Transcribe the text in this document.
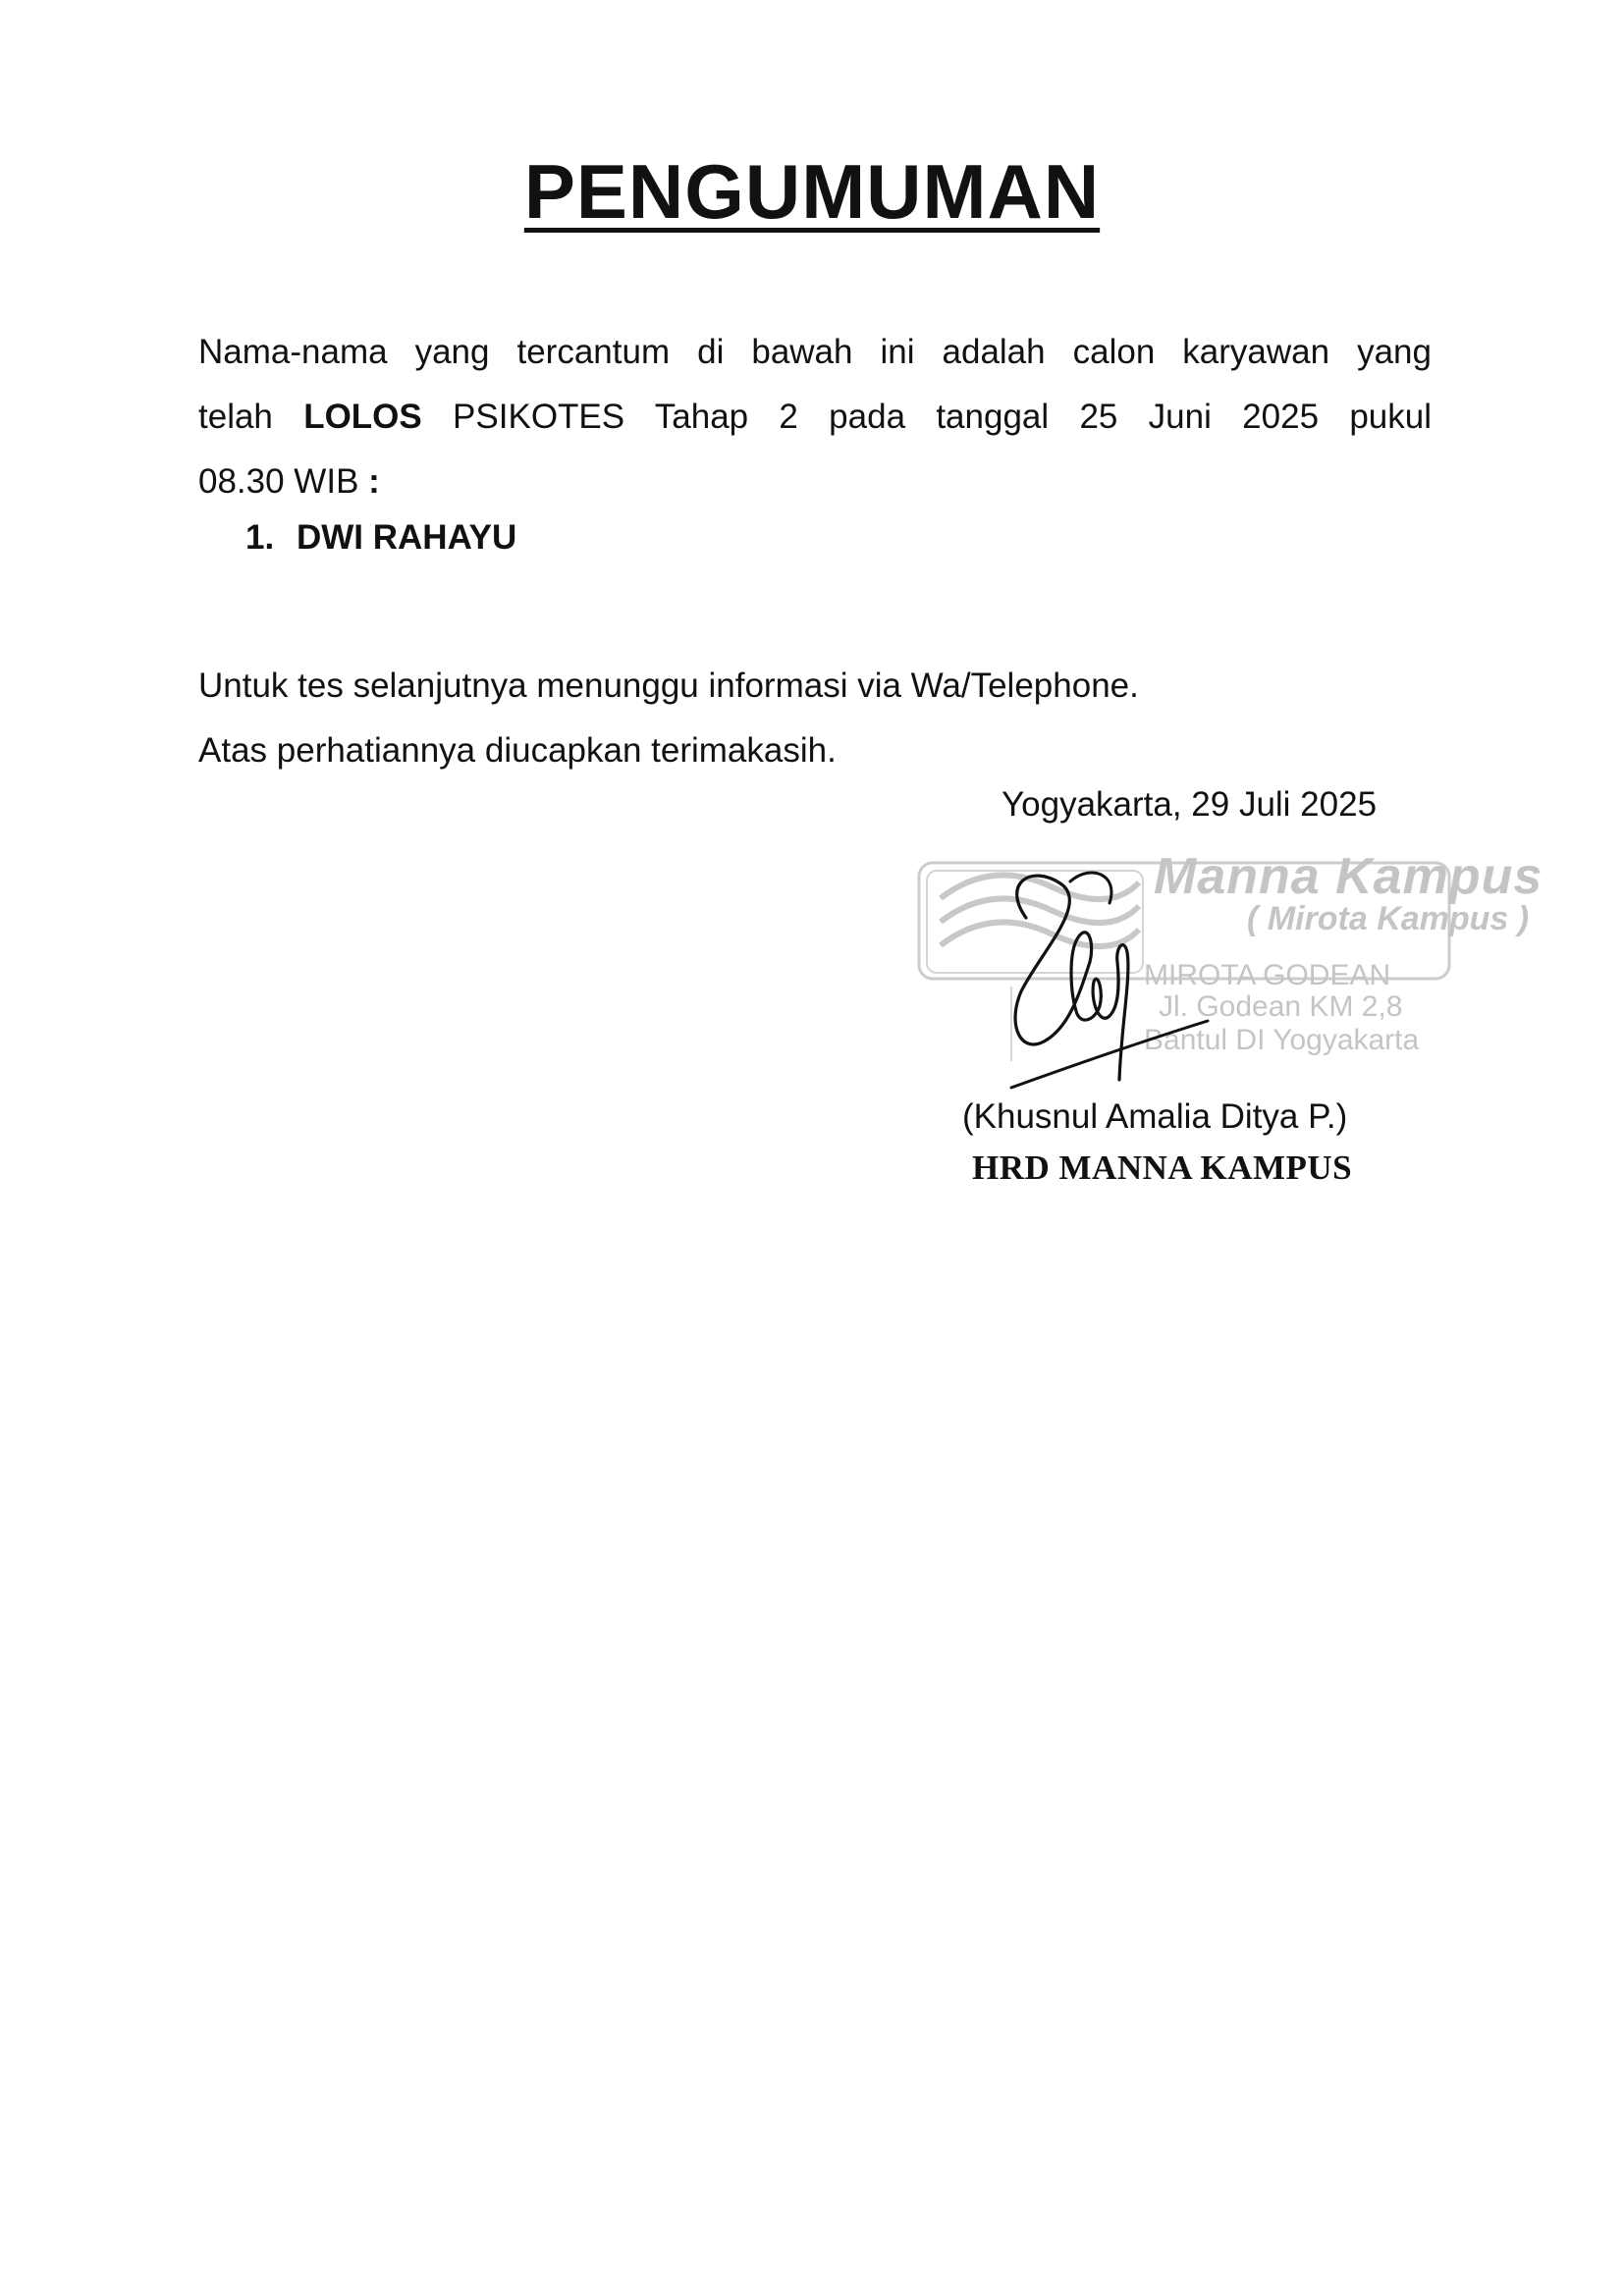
PENGUMUMAN

Nama-nama yang tercantum di bawah ini adalah calon karyawan yang
telah LOLOS PSIKOTES Tahap 2 pada tanggal 25 Juni 2025 pukul
08.30 WIB :

1. DWI RAHAYU

Untuk tes selanjutnya menunggu informasi via Wa/Telephone.
Atas perhatiannya diucapkan terimakasih.

Yogyakarta, 29 Juli 2025
Manna Kampus
( Mirota Kampus )
MIROTA GODEAN
Jl. Godean KM 2,8
Bantul DI Yogyakarta
(Khusnul Amalia Ditya P.)
HRD MANNA KAMPUS
